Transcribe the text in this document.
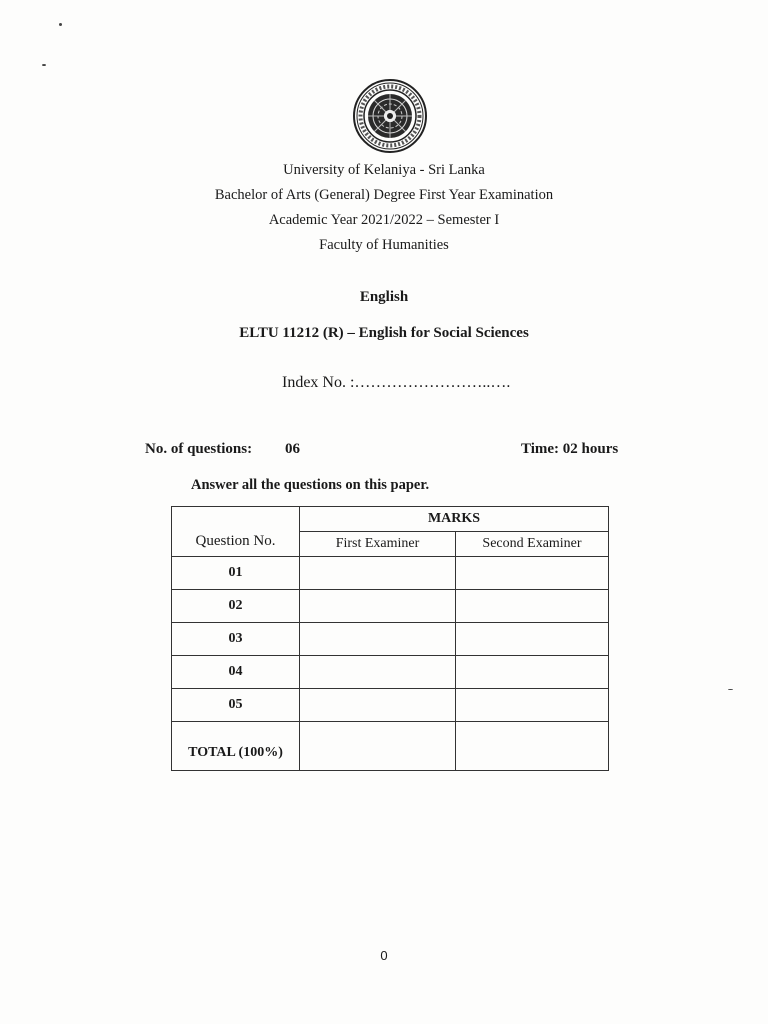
University of Kelaniya - Sri Lanka
Bachelor of Arts (General) Degree First Year Examination
Academic Year 2021/2022 – Semester I
Faculty of Humanities
English
ELTU 11212 (R) – English for Social Sciences
Index No. :……………………..….
No. of questions: 06	Time: 02 hours
Answer all the questions on this paper.
Question No.	MARKS	
	First Examiner	Second Examiner
01		
02		
03		
04		
05		
TOTAL (100%)		
0
